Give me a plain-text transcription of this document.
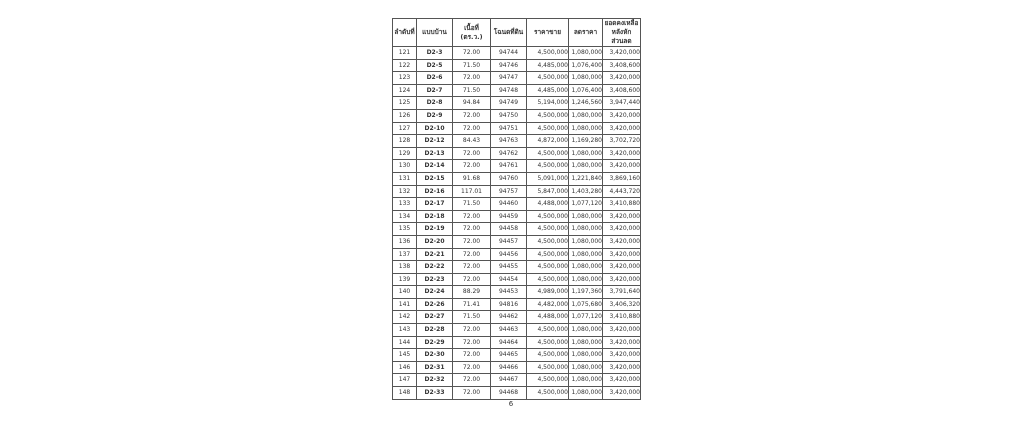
ลำดับที่	แบบบ้าน	เนื้อที่ (ตร.ว.)	โฉนดที่ดิน	ราคาขาย	ลดราคา	ยอดคงเหลือหลังหักส่วนลด
121	D2-3	72.00	94744	4,500,000	1,080,000	3,420,000
122	D2-5	71.50	94746	4,485,000	1,076,400	3,408,600
123	D2-6	72.00	94747	4,500,000	1,080,000	3,420,000
124	D2-7	71.50	94748	4,485,000	1,076,400	3,408,600
125	D2-8	94.84	94749	5,194,000	1,246,560	3,947,440
126	D2-9	72.00	94750	4,500,000	1,080,000	3,420,000
127	D2-10	72.00	94751	4,500,000	1,080,000	3,420,000
128	D2-12	84.43	94763	4,872,000	1,169,280	3,702,720
129	D2-13	72.00	94762	4,500,000	1,080,000	3,420,000
130	D2-14	72.00	94761	4,500,000	1,080,000	3,420,000
131	D2-15	91.68	94760	5,091,000	1,221,840	3,869,160
132	D2-16	117.01	94757	5,847,000	1,403,280	4,443,720
133	D2-17	71.50	94460	4,488,000	1,077,120	3,410,880
134	D2-18	72.00	94459	4,500,000	1,080,000	3,420,000
135	D2-19	72.00	94458	4,500,000	1,080,000	3,420,000
136	D2-20	72.00	94457	4,500,000	1,080,000	3,420,000
137	D2-21	72.00	94456	4,500,000	1,080,000	3,420,000
138	D2-22	72.00	94455	4,500,000	1,080,000	3,420,000
139	D2-23	72.00	94454	4,500,000	1,080,000	3,420,000
140	D2-24	88.29	94453	4,989,000	1,197,360	3,791,640
141	D2-26	71.41	94816	4,482,000	1,075,680	3,406,320
142	D2-27	71.50	94462	4,488,000	1,077,120	3,410,880
143	D2-28	72.00	94463	4,500,000	1,080,000	3,420,000
144	D2-29	72.00	94464	4,500,000	1,080,000	3,420,000
145	D2-30	72.00	94465	4,500,000	1,080,000	3,420,000
146	D2-31	72.00	94466	4,500,000	1,080,000	3,420,000
147	D2-32	72.00	94467	4,500,000	1,080,000	3,420,000
148	D2-33	72.00	94468	4,500,000	1,080,000	3,420,000
6
